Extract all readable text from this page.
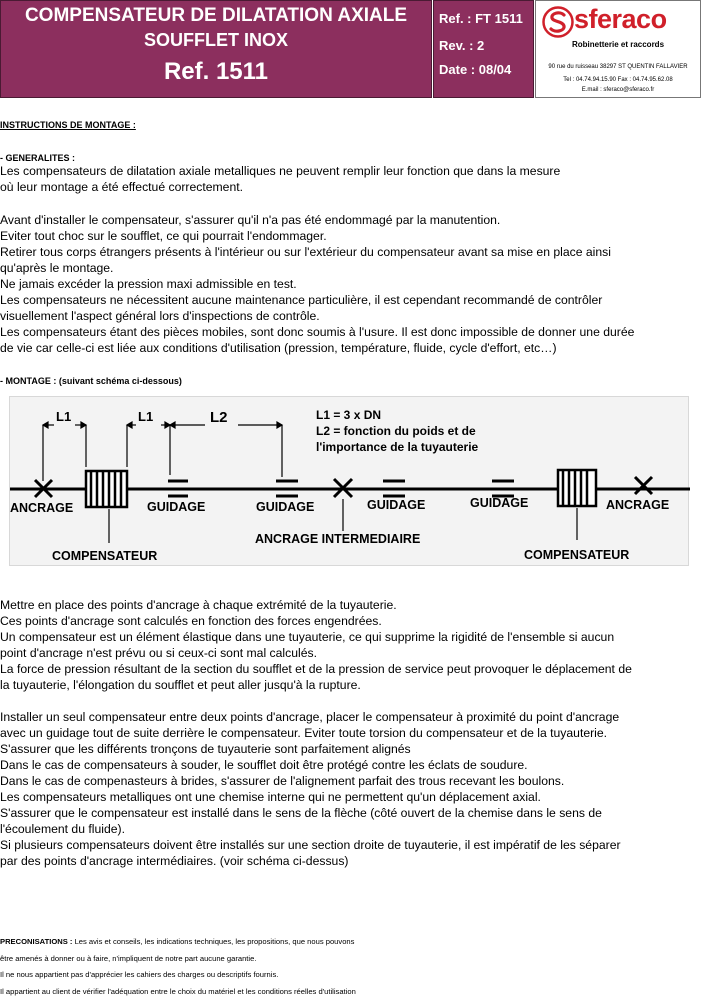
COMPENSATEUR DE DILATATION AXIALE
SOUFFLET INOX
Ref. 1511
Ref. : FT 1511
Rev. : 2
Date : 08/04
sferaco
Robinetterie et raccords
90 rue du ruisseau 38297 ST QUENTIN FALLAVIER
Tel : 04.74.94.15.90 Fax : 04.74.95.62.08
E.mail : sferaco@sferaco.fr
INSTRUCTIONS DE MONTAGE :
- GENERALITES :
Les compensateurs de dilatation axiale metalliques ne peuvent remplir leur fonction que dans la mesure
où leur montage a été effectué correctement.
Avant d'installer le compensateur, s'assurer qu'il n'a pas été endommagé par la manutention.
Eviter tout choc sur le soufflet, ce qui pourrait l'endommager.
Retirer tous corps étrangers présents à l'intérieur ou sur l'extérieur du compensateur avant sa mise en place ainsi
qu'après le montage.
Ne jamais excéder la pression maxi admissible en test.
Les compensateurs ne nécessitent aucune maintenance particulière, il est cependant recommandé de contrôler
visuellement l'aspect général lors d'inspections de contrôle.
Les compensateurs étant des pièces mobiles, sont donc soumis à l'usure. Il est donc impossible de donner une durée
de vie car celle-ci est liée aux conditions d'utilisation (pression, température, fluide, cycle d'effort, etc…)
- MONTAGE : (suivant schéma ci-dessous)
L1	L1	L2	L1 = 3 x DN
L2 = fonction du poids et de
l'importance de la tuyauterie
ANCRAGE	GUIDAGE	GUIDAGE	GUIDAGE	GUIDAGE	ANCRAGE
ANCRAGE INTERMEDIAIRE
COMPENSATEUR	COMPENSATEUR
Mettre en place des points d'ancrage à chaque extrémité de la tuyauterie.
Ces points d'ancrage sont calculés en fonction des forces engendrées.
Un compensateur est un élément élastique dans une tuyauterie, ce qui supprime la rigidité de l'ensemble si aucun
point d'ancrage n'est prévu ou si ceux-ci sont mal calculés.
La force de pression résultant de la section du soufflet et de la pression de service peut provoquer le déplacement de
la tuyauterie, l'élongation du soufflet et peut aller jusqu'à la rupture.
Installer un seul compensateur entre deux points d'ancrage, placer le compensateur à proximité du point d'ancrage
avec un guidage tout de suite derrière le compensateur. Eviter toute torsion du compensateur et de la tuyauterie.
S'assurer que les différents tronçons de tuyauterie sont parfaitement alignés
Dans le cas de compensateurs à souder, le soufflet doit être protégé contre les éclats de soudure.
Dans le cas de compenasteurs à brides, s'assurer de l'alignement parfait des trous recevant les boulons.
Les compensateurs metalliques ont une chemise interne qui ne permettent qu'un déplacement axial.
S'assurer que le compensateur est installé dans le sens de la flèche (côté ouvert de la chemise dans le sens de
l'écoulement du fluide).
Si plusieurs compensateurs doivent être installés sur une section droite de tuyauterie, il est impératif de les séparer
par des points d'ancrage intermédiaires. (voir schéma ci-dessus)
PRECONISATIONS : Les avis et conseils, les indications techniques, les propositions, que nous pouvons
être amenés à donner ou à faire, n'impliquent de notre part aucune garantie.
Il ne nous appartient pas d'apprécier les cahiers des charges ou descriptifs fournis.
Il appartient au client de vérifier l'adéquation entre le choix du matériel et les conditions réelles d'utilisation
